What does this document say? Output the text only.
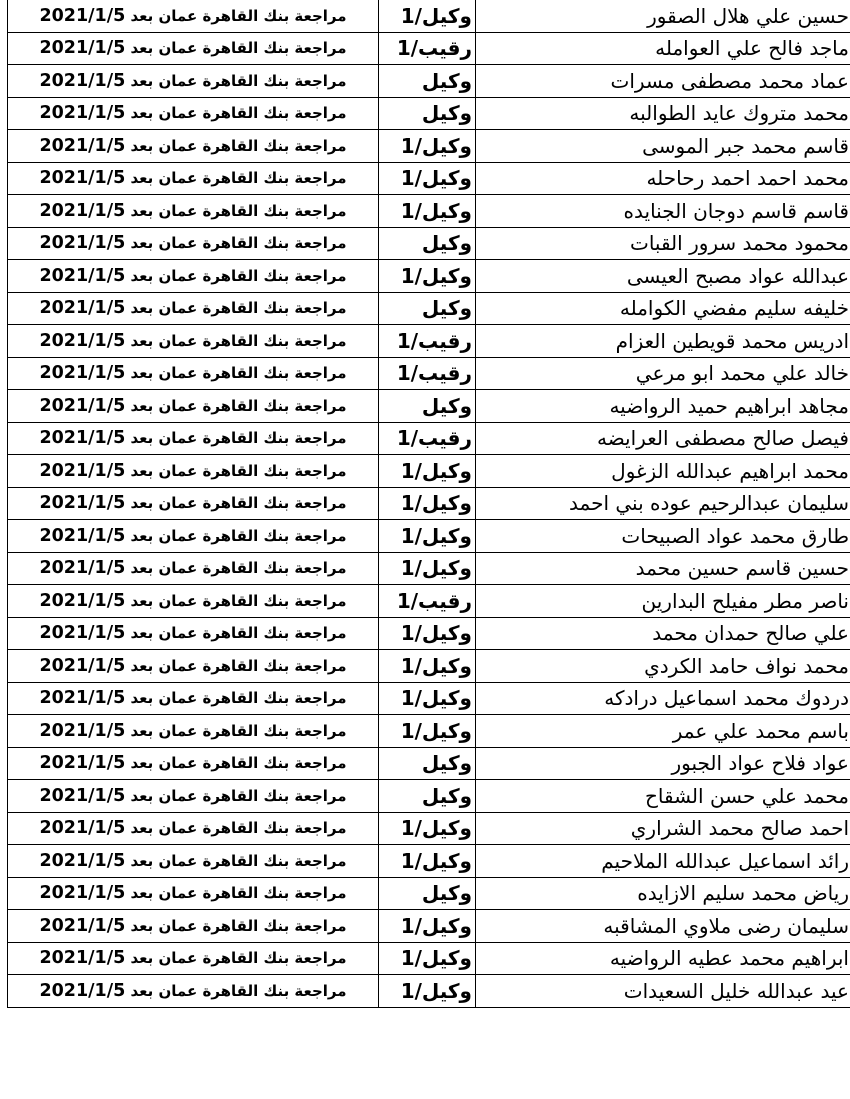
حسين علي هلال الصقور	وكيل/1	مراجعة بنك القاهرة عمان بعد 2021/1/5
ماجد فالح علي العوامله	رقيب/1	مراجعة بنك القاهرة عمان بعد 2021/1/5
عماد محمد مصطفى مسرات	وكيل	مراجعة بنك القاهرة عمان بعد 2021/1/5
محمد متروك عايد الطوالبه	وكيل	مراجعة بنك القاهرة عمان بعد 2021/1/5
قاسم محمد جبر الموسى	وكيل/1	مراجعة بنك القاهرة عمان بعد 2021/1/5
محمد احمد احمد رحاحله	وكيل/1	مراجعة بنك القاهرة عمان بعد 2021/1/5
قاسم قاسم دوجان الجنايده	وكيل/1	مراجعة بنك القاهرة عمان بعد 2021/1/5
محمود محمد سرور القبات	وكيل	مراجعة بنك القاهرة عمان بعد 2021/1/5
عبدالله عواد مصبح العيسى	وكيل/1	مراجعة بنك القاهرة عمان بعد 2021/1/5
خليفه سليم مفضي الكوامله	وكيل	مراجعة بنك القاهرة عمان بعد 2021/1/5
ادريس محمد قويطين العزام	رقيب/1	مراجعة بنك القاهرة عمان بعد 2021/1/5
خالد علي محمد ابو مرعي	رقيب/1	مراجعة بنك القاهرة عمان بعد 2021/1/5
مجاهد ابراهيم حميد الرواضيه	وكيل	مراجعة بنك القاهرة عمان بعد 2021/1/5
فيصل صالح مصطفى العرايضه	رقيب/1	مراجعة بنك القاهرة عمان بعد 2021/1/5
محمد ابراهيم عبدالله الزغول	وكيل/1	مراجعة بنك القاهرة عمان بعد 2021/1/5
سليمان عبدالرحيم عوده بني احمد	وكيل/1	مراجعة بنك القاهرة عمان بعد 2021/1/5
طارق محمد عواد الصبيحات	وكيل/1	مراجعة بنك القاهرة عمان بعد 2021/1/5
حسين قاسم حسين محمد	وكيل/1	مراجعة بنك القاهرة عمان بعد 2021/1/5
ناصر مطر مفيلح البدارين	رقيب/1	مراجعة بنك القاهرة عمان بعد 2021/1/5
علي صالح حمدان محمد	وكيل/1	مراجعة بنك القاهرة عمان بعد 2021/1/5
محمد نواف حامد الكردي	وكيل/1	مراجعة بنك القاهرة عمان بعد 2021/1/5
دردوك محمد اسماعيل درادكه	وكيل/1	مراجعة بنك القاهرة عمان بعد 2021/1/5
باسم محمد علي عمر	وكيل/1	مراجعة بنك القاهرة عمان بعد 2021/1/5
عواد فلاح عواد الجبور	وكيل	مراجعة بنك القاهرة عمان بعد 2021/1/5
محمد علي حسن الشقاح	وكيل	مراجعة بنك القاهرة عمان بعد 2021/1/5
احمد صالح محمد الشراري	وكيل/1	مراجعة بنك القاهرة عمان بعد 2021/1/5
رائد اسماعيل عبدالله الملاحيم	وكيل/1	مراجعة بنك القاهرة عمان بعد 2021/1/5
رياض محمد سليم الازايده	وكيل	مراجعة بنك القاهرة عمان بعد 2021/1/5
سليمان رضى ملاوي المشاقبه	وكيل/1	مراجعة بنك القاهرة عمان بعد 2021/1/5
ابراهيم محمد عطيه الرواضيه	وكيل/1	مراجعة بنك القاهرة عمان بعد 2021/1/5
عيد عبدالله خليل السعيدات	وكيل/1	مراجعة بنك القاهرة عمان بعد 2021/1/5
